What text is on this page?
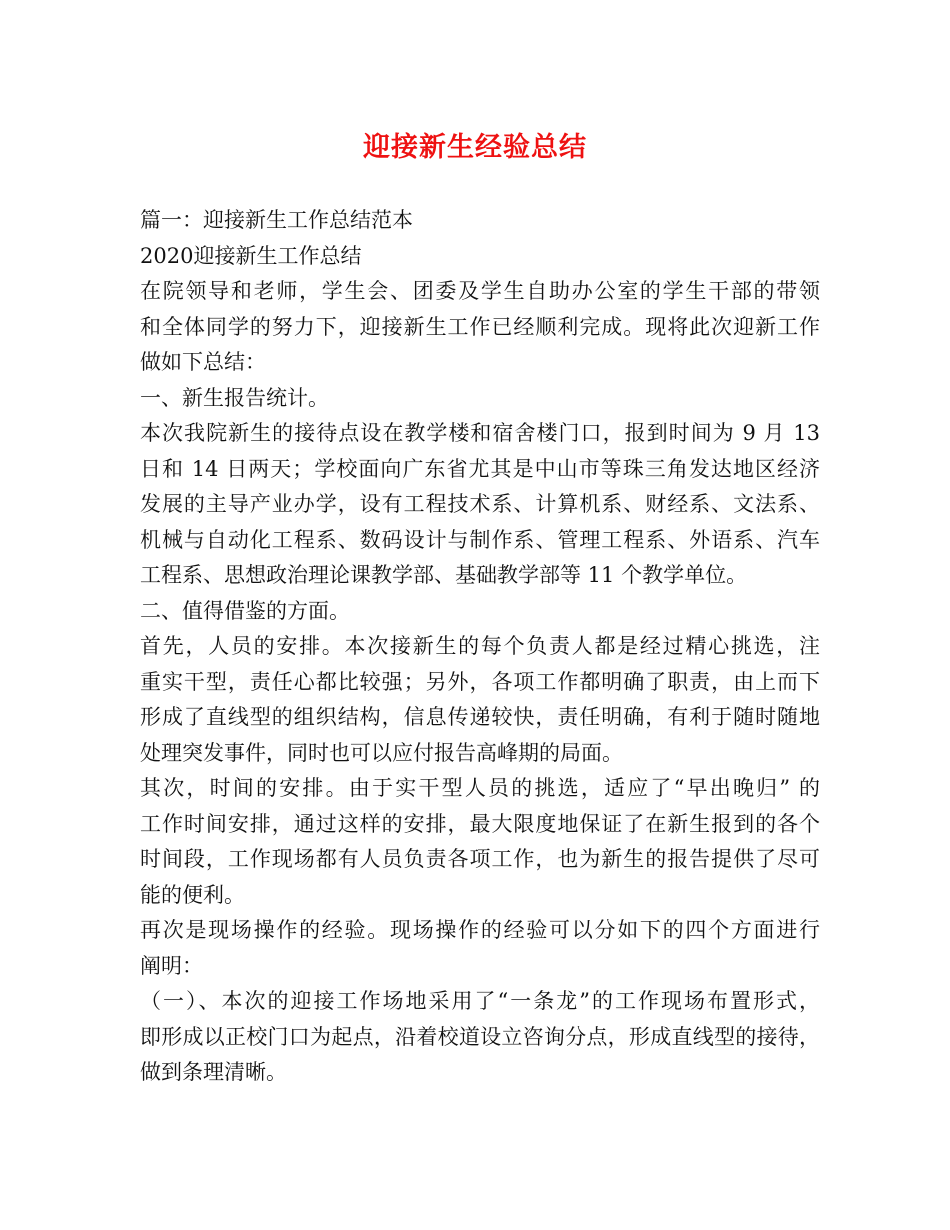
迎接新生经验总结
篇一：迎接新生工作总结范本
2020迎接新生工作总结
在院领导和老师，学生会、团委及学生自助办公室的学生干部的带领
和全体同学的努力下，迎接新生工作已经顺利完成。现将此次迎新工作
做如下总结：
一、新生报告统计。
本次我院新生的接待点设在教学楼和宿舍楼门口，报到时间为 9 月 13
日和 14 日两天；学校面向广东省尤其是中山市等珠三角发达地区经济
发展的主导产业办学，设有工程技术系、计算机系、财经系、文法系、
机械与自动化工程系、数码设计与制作系、管理工程系、外语系、汽车
工程系、思想政治理论课教学部、基础教学部等 11 个教学单位。
二、值得借鉴的方面。
首先，人员的安排。本次接新生的每个负责人都是经过精心挑选，注
重实干型，责任心都比较强；另外，各项工作都明确了职责，由上而下
形成了直线型的组织结构，信息传递较快，责任明确，有利于随时随地
处理突发事件，同时也可以应付报告高峰期的局面。
其次，时间的安排。由于实干型人员的挑选，适应了“早出晚归” 的
工作时间安排，通过这样的安排，最大限度地保证了在新生报到的各个
时间段，工作现场都有人员负责各项工作，也为新生的报告提供了尽可
能的便利。
再次是现场操作的经验。现场操作的经验可以分如下的四个方面进行
阐明：
（一）、本次的迎接工作场地采用了“一条龙”的工作现场布置形式，
即形成以正校门口为起点，沿着校道设立咨询分点，形成直线型的接待，
做到条理清晰。
